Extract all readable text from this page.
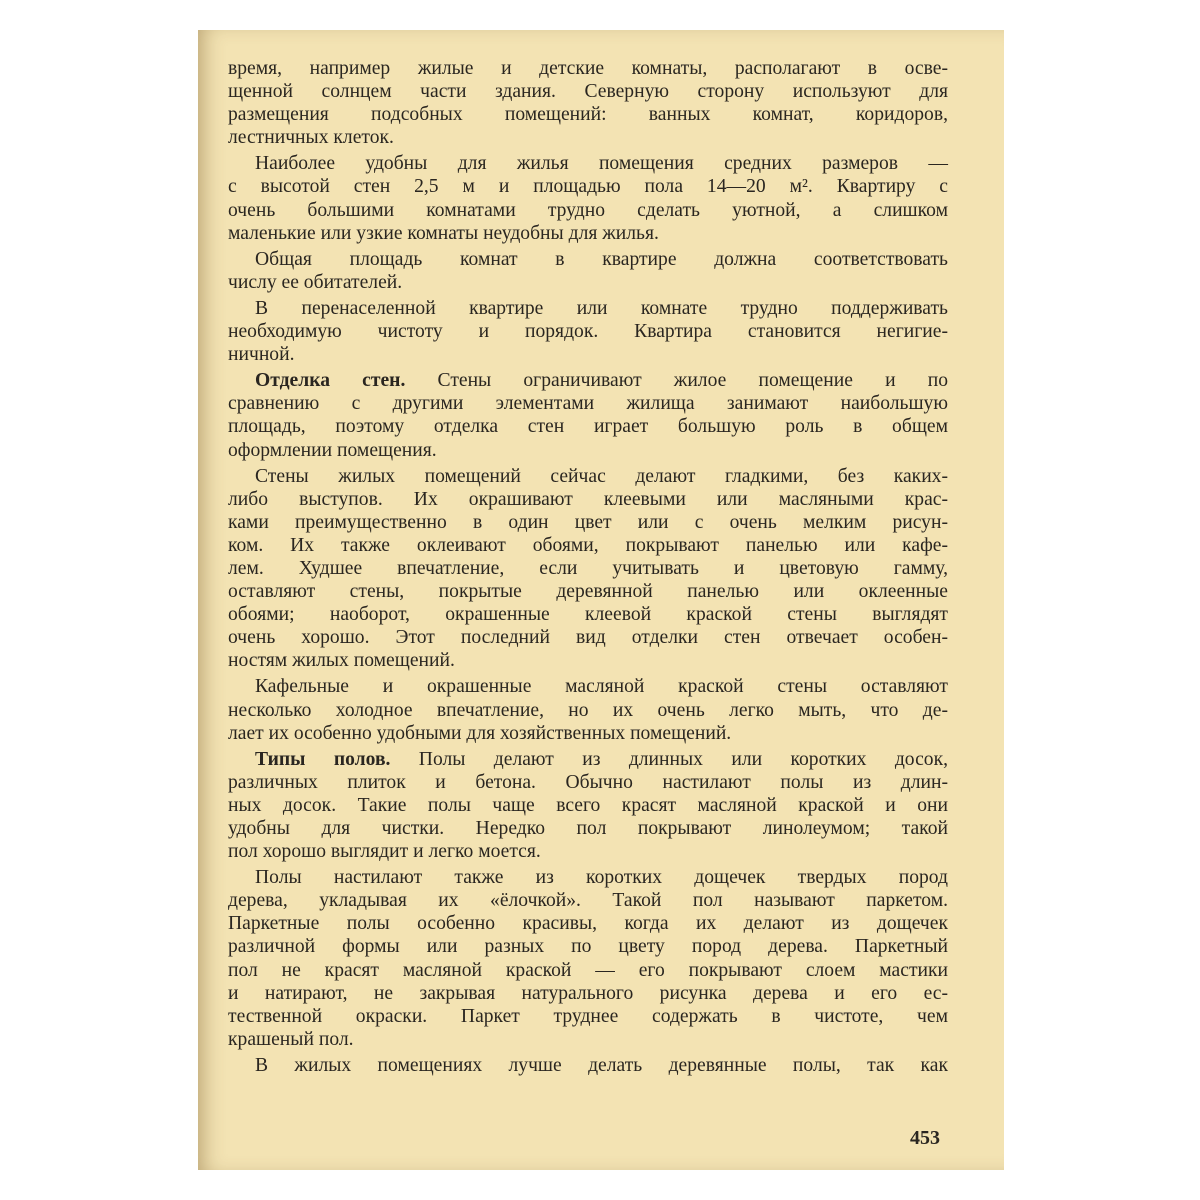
время, например жилые и детские комнаты, располагают в осве-
щенной солнцем части здания. Северную сторону используют для
размещения подсобных помещений: ванных комнат, коридоров,
лестничных клеток.
Наиболее удобны для жилья помещения средних размеров —
с высотой стен 2,5 м и площадью пола 14—20 м². Квартиру с
очень большими комнатами трудно сделать уютной, а слишком
маленькие или узкие комнаты неудобны для жилья.
Общая площадь комнат в квартире должна соответствовать
числу ее обитателей.
В перенаселенной квартире или комнате трудно поддерживать
необходимую чистоту и порядок. Квартира становится негигие-
ничной.
Отделка стен. Стены ограничивают жилое помещение и по
сравнению с другими элементами жилища занимают наибольшую
площадь, поэтому отделка стен играет большую роль в общем
оформлении помещения.
Стены жилых помещений сейчас делают гладкими, без каких-
либо выступов. Их окрашивают клеевыми или масляными крас-
ками преимущественно в один цвет или с очень мелким рисун-
ком. Их также оклеивают обоями, покрывают панелью или кафе-
лем. Худшее впечатление, если учитывать и цветовую гамму,
оставляют стены, покрытые деревянной панелью или оклеенные
обоями; наоборот, окрашенные клеевой краской стены выглядят
очень хорошо. Этот последний вид отделки стен отвечает особен-
ностям жилых помещений.
Кафельные и окрашенные масляной краской стены оставляют
несколько холодное впечатление, но их очень легко мыть, что де-
лает их особенно удобными для хозяйственных помещений.
Типы полов. Полы делают из длинных или коротких досок,
различных плиток и бетона. Обычно настилают полы из длин-
ных досок. Такие полы чаще всего красят масляной краской и они
удобны для чистки. Нередко пол покрывают линолеумом; такой
пол хорошо выглядит и легко моется.
Полы настилают также из коротких дощечек твердых пород
дерева, укладывая их «ёлочкой». Такой пол называют паркетом.
Паркетные полы особенно красивы, когда их делают из дощечек
различной формы или разных по цвету пород дерева. Паркетный
пол не красят масляной краской — его покрывают слоем мастики
и натирают, не закрывая натурального рисунка дерева и его ес-
тественной окраски. Паркет труднее содержать в чистоте, чем
крашеный пол.
В жилых помещениях лучше делать деревянные полы, так как
453
